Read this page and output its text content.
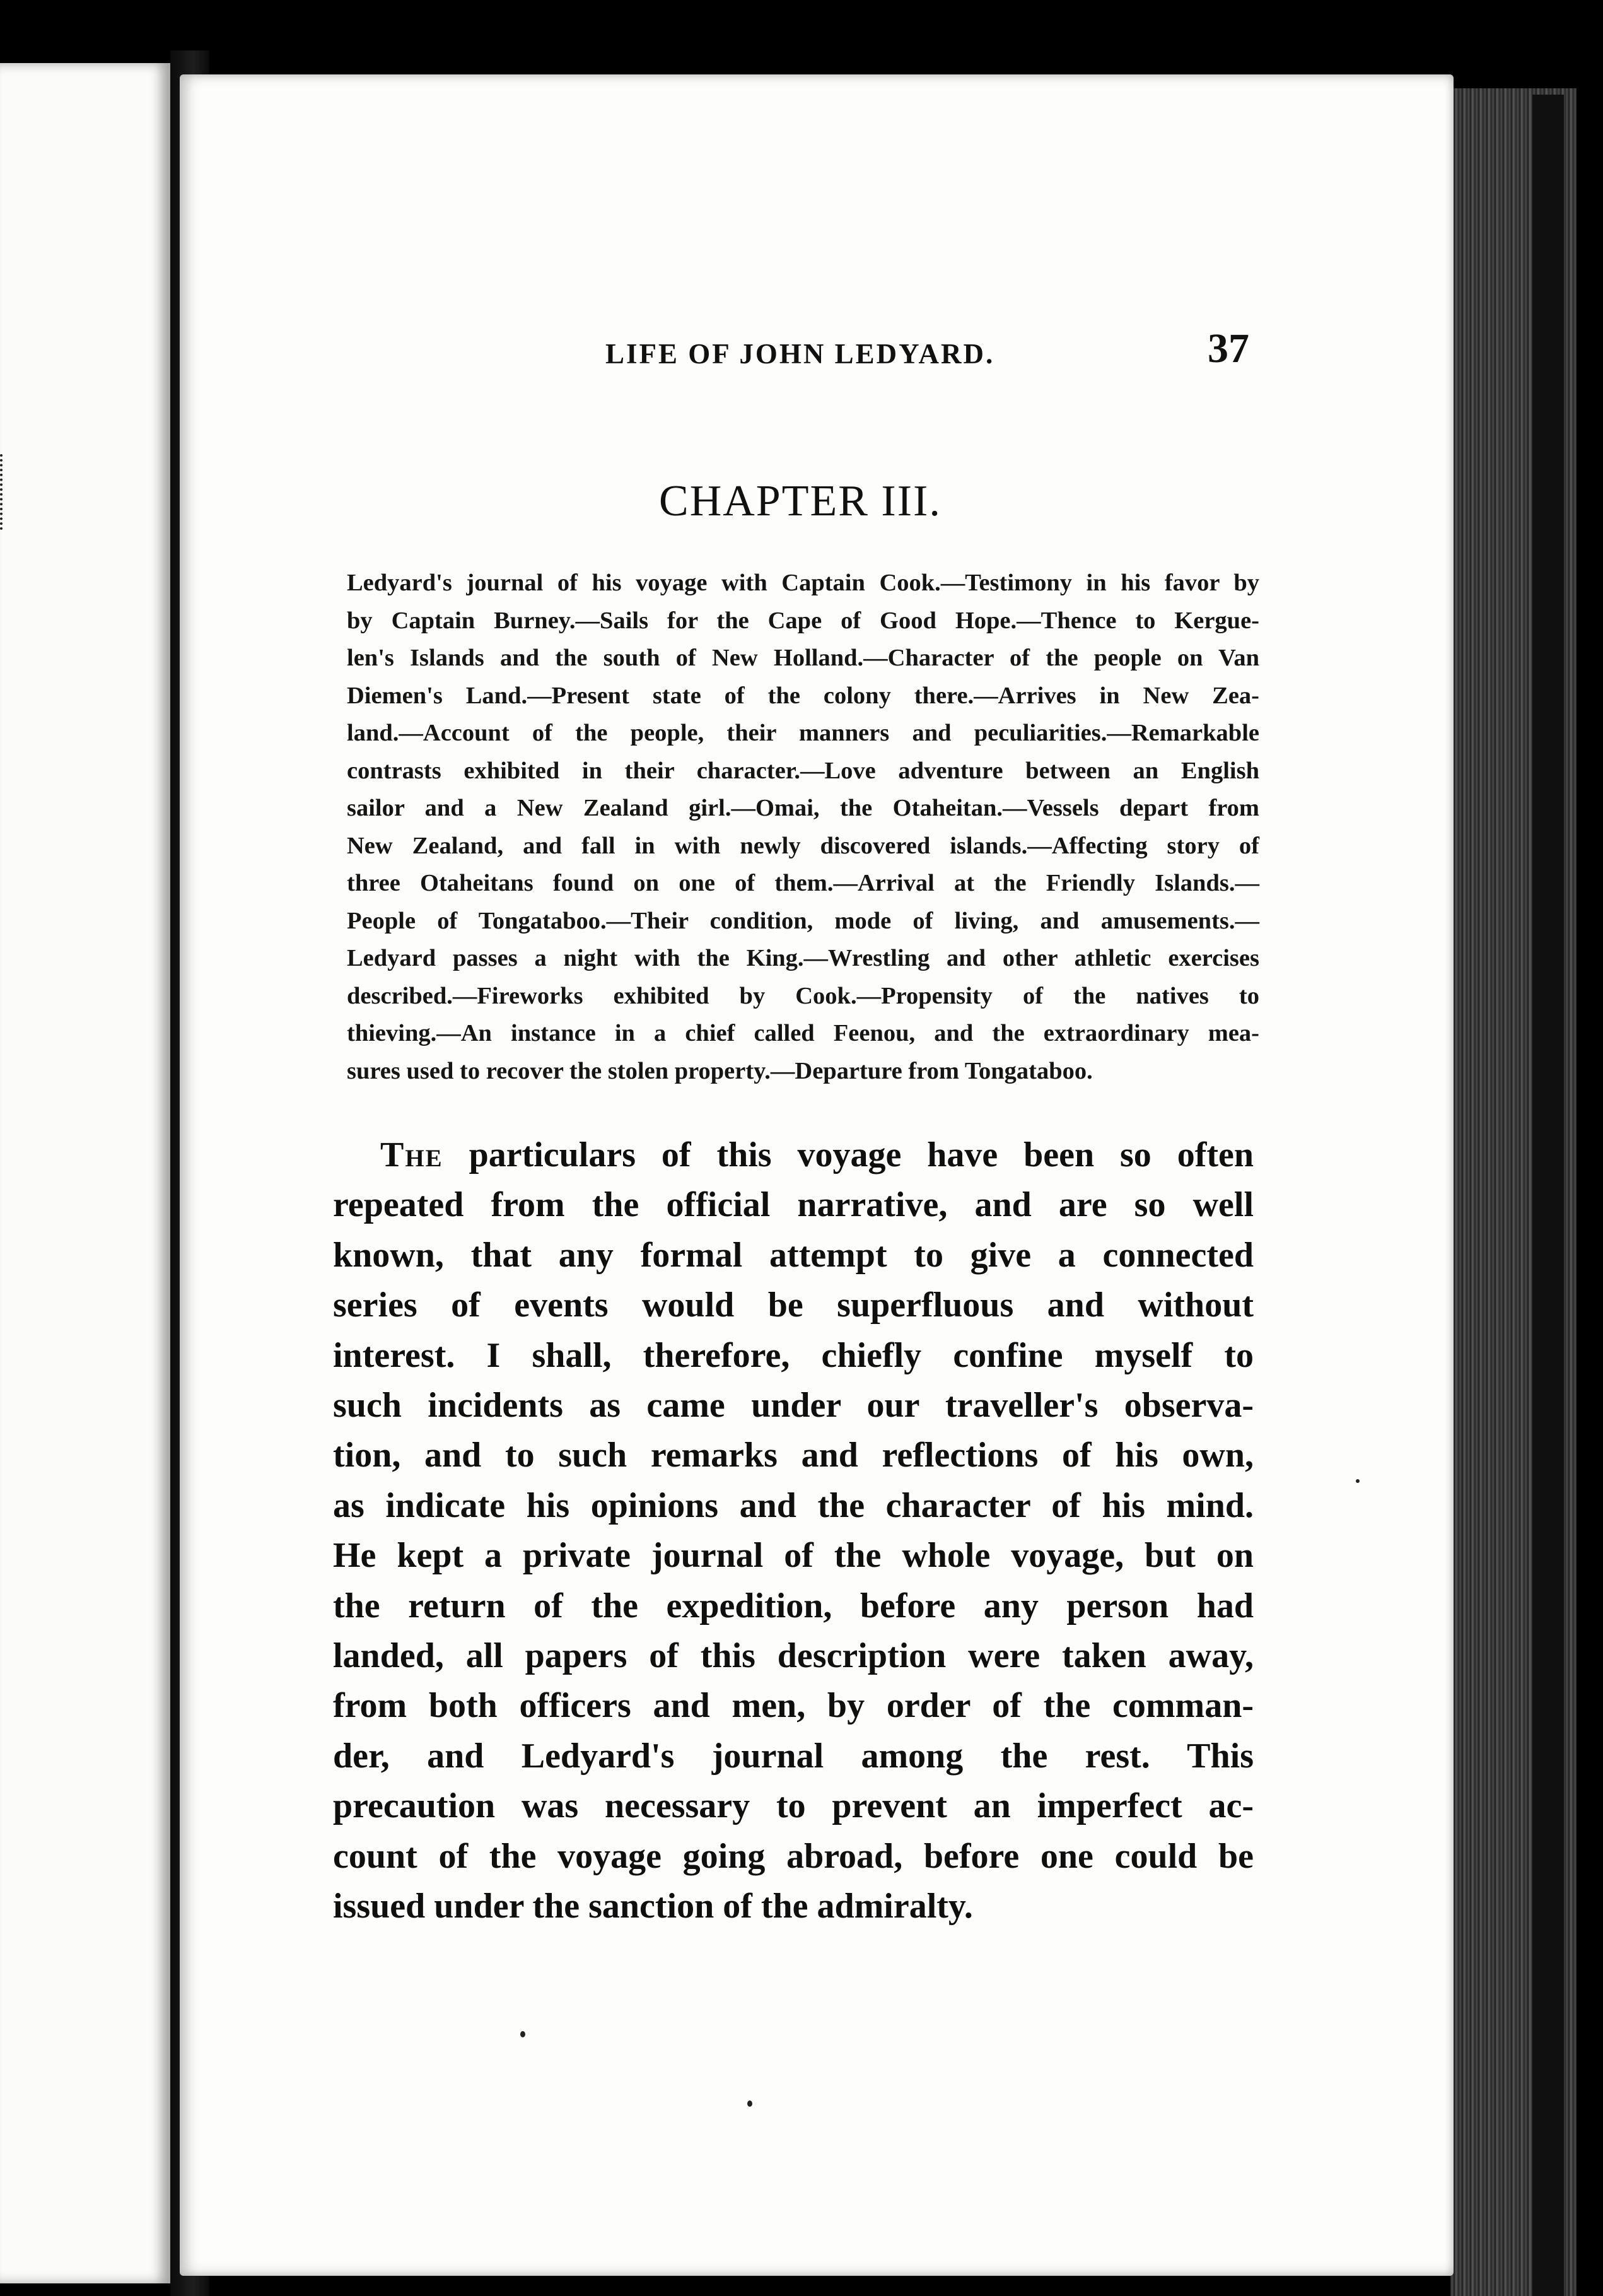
LIFE OF JOHN LEDYARD.	37
CHAPTER III.

Ledyard's journal of his voyage with Captain Cook.—Testimony in his favor by
by Captain Burney.—Sails for the Cape of Good Hope.—Thence to Kergue-
len's Islands and the south of New Holland.—Character of the people on Van
Diemen's Land.—Present state of the colony there.—Arrives in New Zea-
land.—Account of the people, their manners and peculiarities.—Remarkable
contrasts exhibited in their character.—Love adventure between an English
sailor and a New Zealand girl.—Omai, the Otaheitan.—Vessels depart from
New Zealand, and fall in with newly discovered islands.—Affecting story of
three Otaheitans found on one of them.—Arrival at the Friendly Islands.—
People of Tongataboo.—Their condition, mode of living, and amusements.—
Ledyard passes a night with the King.—Wrestling and other athletic exercises
described.—Fireworks exhibited by Cook.—Propensity of the natives to
thieving.—An instance in a chief called Feenou, and the extraordinary mea-
sures used to recover the stolen property.—Departure from Tongataboo.

The particulars of this voyage have been so often
repeated from the official narrative, and are so well
known, that any formal attempt to give a connected
series of events would be superfluous and without
interest. I shall, therefore, chiefly confine myself to
such incidents as came under our traveller's observa-
tion, and to such remarks and reflections of his own,
as indicate his opinions and the character of his mind.
He kept a private journal of the whole voyage, but on
the return of the expedition, before any person had
landed, all papers of this description were taken away,
from both officers and men, by order of the comman-
der, and Ledyard's journal among the rest. This
precaution was necessary to prevent an imperfect ac-
count of the voyage going abroad, before one could be
issued under the sanction of the admiralty.
